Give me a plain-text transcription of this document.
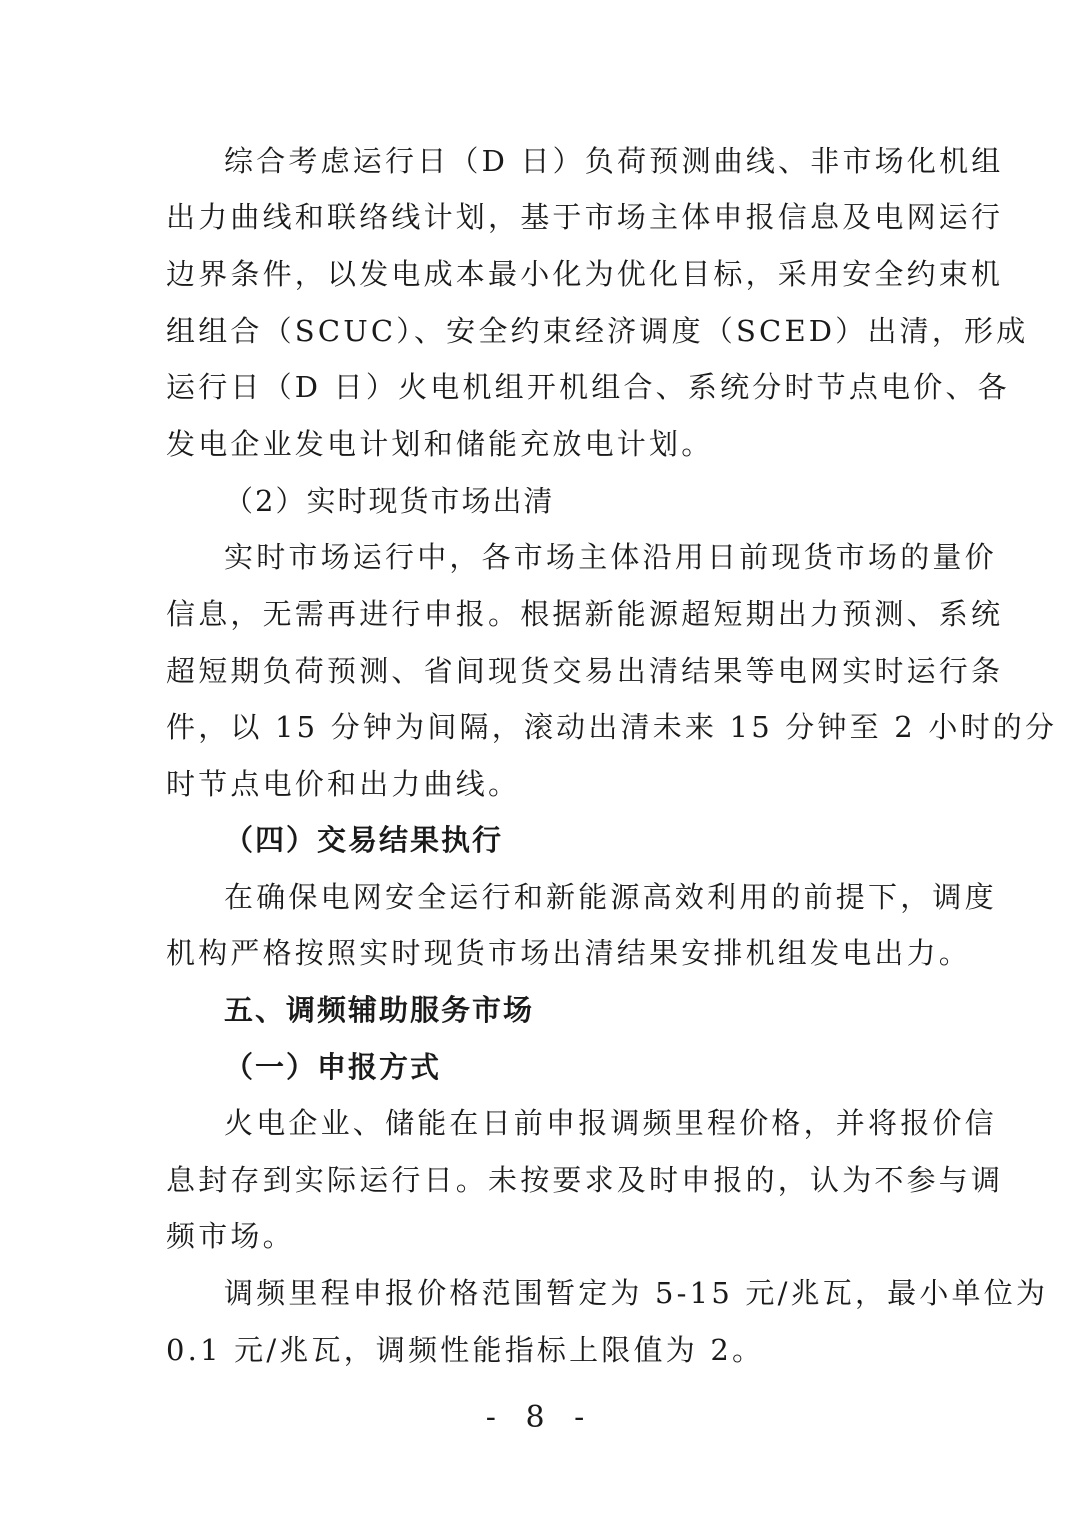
综合考虑运行日（D 日）负荷预测曲线、非市场化机组
出力曲线和联络线计划，基于市场主体申报信息及电网运行
边界条件，以发电成本最小化为优化目标，采用安全约束机
组组合（SCUC）、安全约束经济调度（SCED）出清，形成
运行日（D 日）火电机组开机组合、系统分时节点电价、各
发电企业发电计划和储能充放电计划。
（2）实时现货市场出清
实时市场运行中，各市场主体沿用日前现货市场的量价
信息，无需再进行申报。根据新能源超短期出力预测、系统
超短期负荷预测、省间现货交易出清结果等电网实时运行条
件，以 15 分钟为间隔，滚动出清未来 15 分钟至 2 小时的分
时节点电价和出力曲线。
（四）交易结果执行
在确保电网安全运行和新能源高效利用的前提下，调度
机构严格按照实时现货市场出清结果安排机组发电出力。
五、调频辅助服务市场
（一）申报方式
火电企业、储能在日前申报调频里程价格，并将报价信
息封存到实际运行日。未按要求及时申报的，认为不参与调
频市场。
调频里程申报价格范围暂定为 5-15 元/兆瓦，最小单位为
0.1 元/兆瓦，调频性能指标上限值为 2。
- 8 -
